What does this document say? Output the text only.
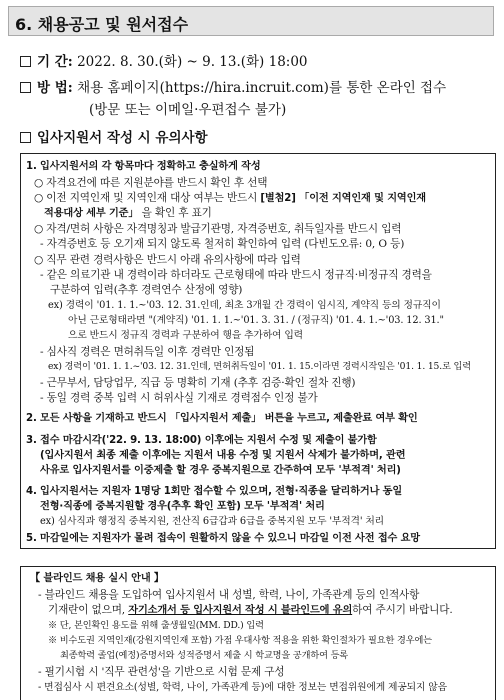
6. 채용공고 및 원서접수
기 간: 2022. 8. 30.(화) ~ 9. 13.(화) 18:00
방 법: 채용 홈페이지(https://hira.incruit.com)를 통한 온라인 접수
(방문 또는 이메일·우편접수 불가)
입사지원서 작성 시 유의사항
1. 입사지원서의 각 항목마다 정확하고 충실하게 작성
○ 자격요건에 따른 지원분야를 반드시 확인 후 선택
○ 이전 지역인재 및 지역인재 대상 여부는 반드시 [별첨2] 「이전 지역인재 및 지역인재
적용대상 세부 기준」 을 확인 후 표기
○ 자격/면허 사항은 자격명칭과 발급기관명, 자격증번호, 취득일자를 반드시 입력
- 자격증번호 등 오기재 되지 않도록 철저히 확인하여 입력 (다빈도오류: 0, O 등)
○ 직무 관련 경력사항은 반드시 아래 유의사항에 따라 입력
- 같은 의료기관 내 경력이라 하더라도 근로형태에 따라 반드시 정규직·비정규직 경력을
구분하여 입력(추후 경력연수 산정에 영향)
ex) 경력이 '01. 1. 1.~'03. 12. 31.인데, 최초 3개월 간 경력이 임시직, 계약직 등의 정규직이
아닌 근로형태라면 "(계약직) '01. 1. 1.~'01. 3. 31. / (정규직) '01. 4. 1.~'03. 12. 31."
으로 반드시 정규직 경력과 구분하여 행을 추가하여 입력
- 심사직 경력은 면허취득일 이후 경력만 인정됨
ex) 경력이 '01. 1. 1.~'03. 12. 31.인데, 면허취득일이 '01. 1. 15.이라면 경력시작일은 '01. 1. 15.로 입력
- 근무부서, 담당업무, 직급 등 명확히 기재 (추후 검증·확인 절차 진행)
- 동일 경력 중복 입력 시 허위사실 기재로 경력점수 인정 불가
2. 모든 사항을 기재하고 반드시 「입사지원서 제출」 버튼을 누르고, 제출완료 여부 확인
3. 접수 마감시각('22. 9. 13. 18:00) 이후에는 지원서 수정 및 제출이 불가함
(입사지원서 최종 제출 이후에는 지원서 내용 수정 및 지원서 삭제가 불가하며, 관련
사유로 입사지원서를 이중제출 할 경우 중복지원으로 간주하여 모두 '부적격' 처리)
4. 입사지원서는 지원자 1명당 1회만 접수할 수 있으며, 전형·직종을 달리하거나 동일
전형·직종에 중복지원할 경우(추후 확인 포함) 모두 '부적격' 처리
ex) 심사직과 행정직 중복지원, 전산직 6급갑과 6급을 중복지원 모두 '부적격' 처리
5. 마감일에는 지원자가 몰려 접속이 원활하지 않을 수 있으니 마감일 이전 사전 접수 요망
【 블라인드 채용 실시 안내 】
- 블라인드 채용을 도입하여 입사지원서 내 성별, 학력, 나이, 가족관계 등의 인적사항
기재란이 없으며, 자기소개서 등 입사지원서 작성 시 블라인드에 유의하여 주시기 바랍니다.
※ 단, 본인확인 용도를 위해 출생월일(MM. DD.) 입력
※ 비수도권 지역인재(강원지역인재 포함) 가점 우대사항 적용을 위한 확인절차가 필요한 경우에는
최종학력 졸업(예정)증명서와 성적증명서 제출 시 학교명을 공개하여 등록
- 필기시험 시 '직무 관련성'을 기반으로 시험 문제 구성
- 면접심사 시 편견요소(성별, 학력, 나이, 가족관계 등)에 대한 정보는 면접위원에게 제공되지 않음
